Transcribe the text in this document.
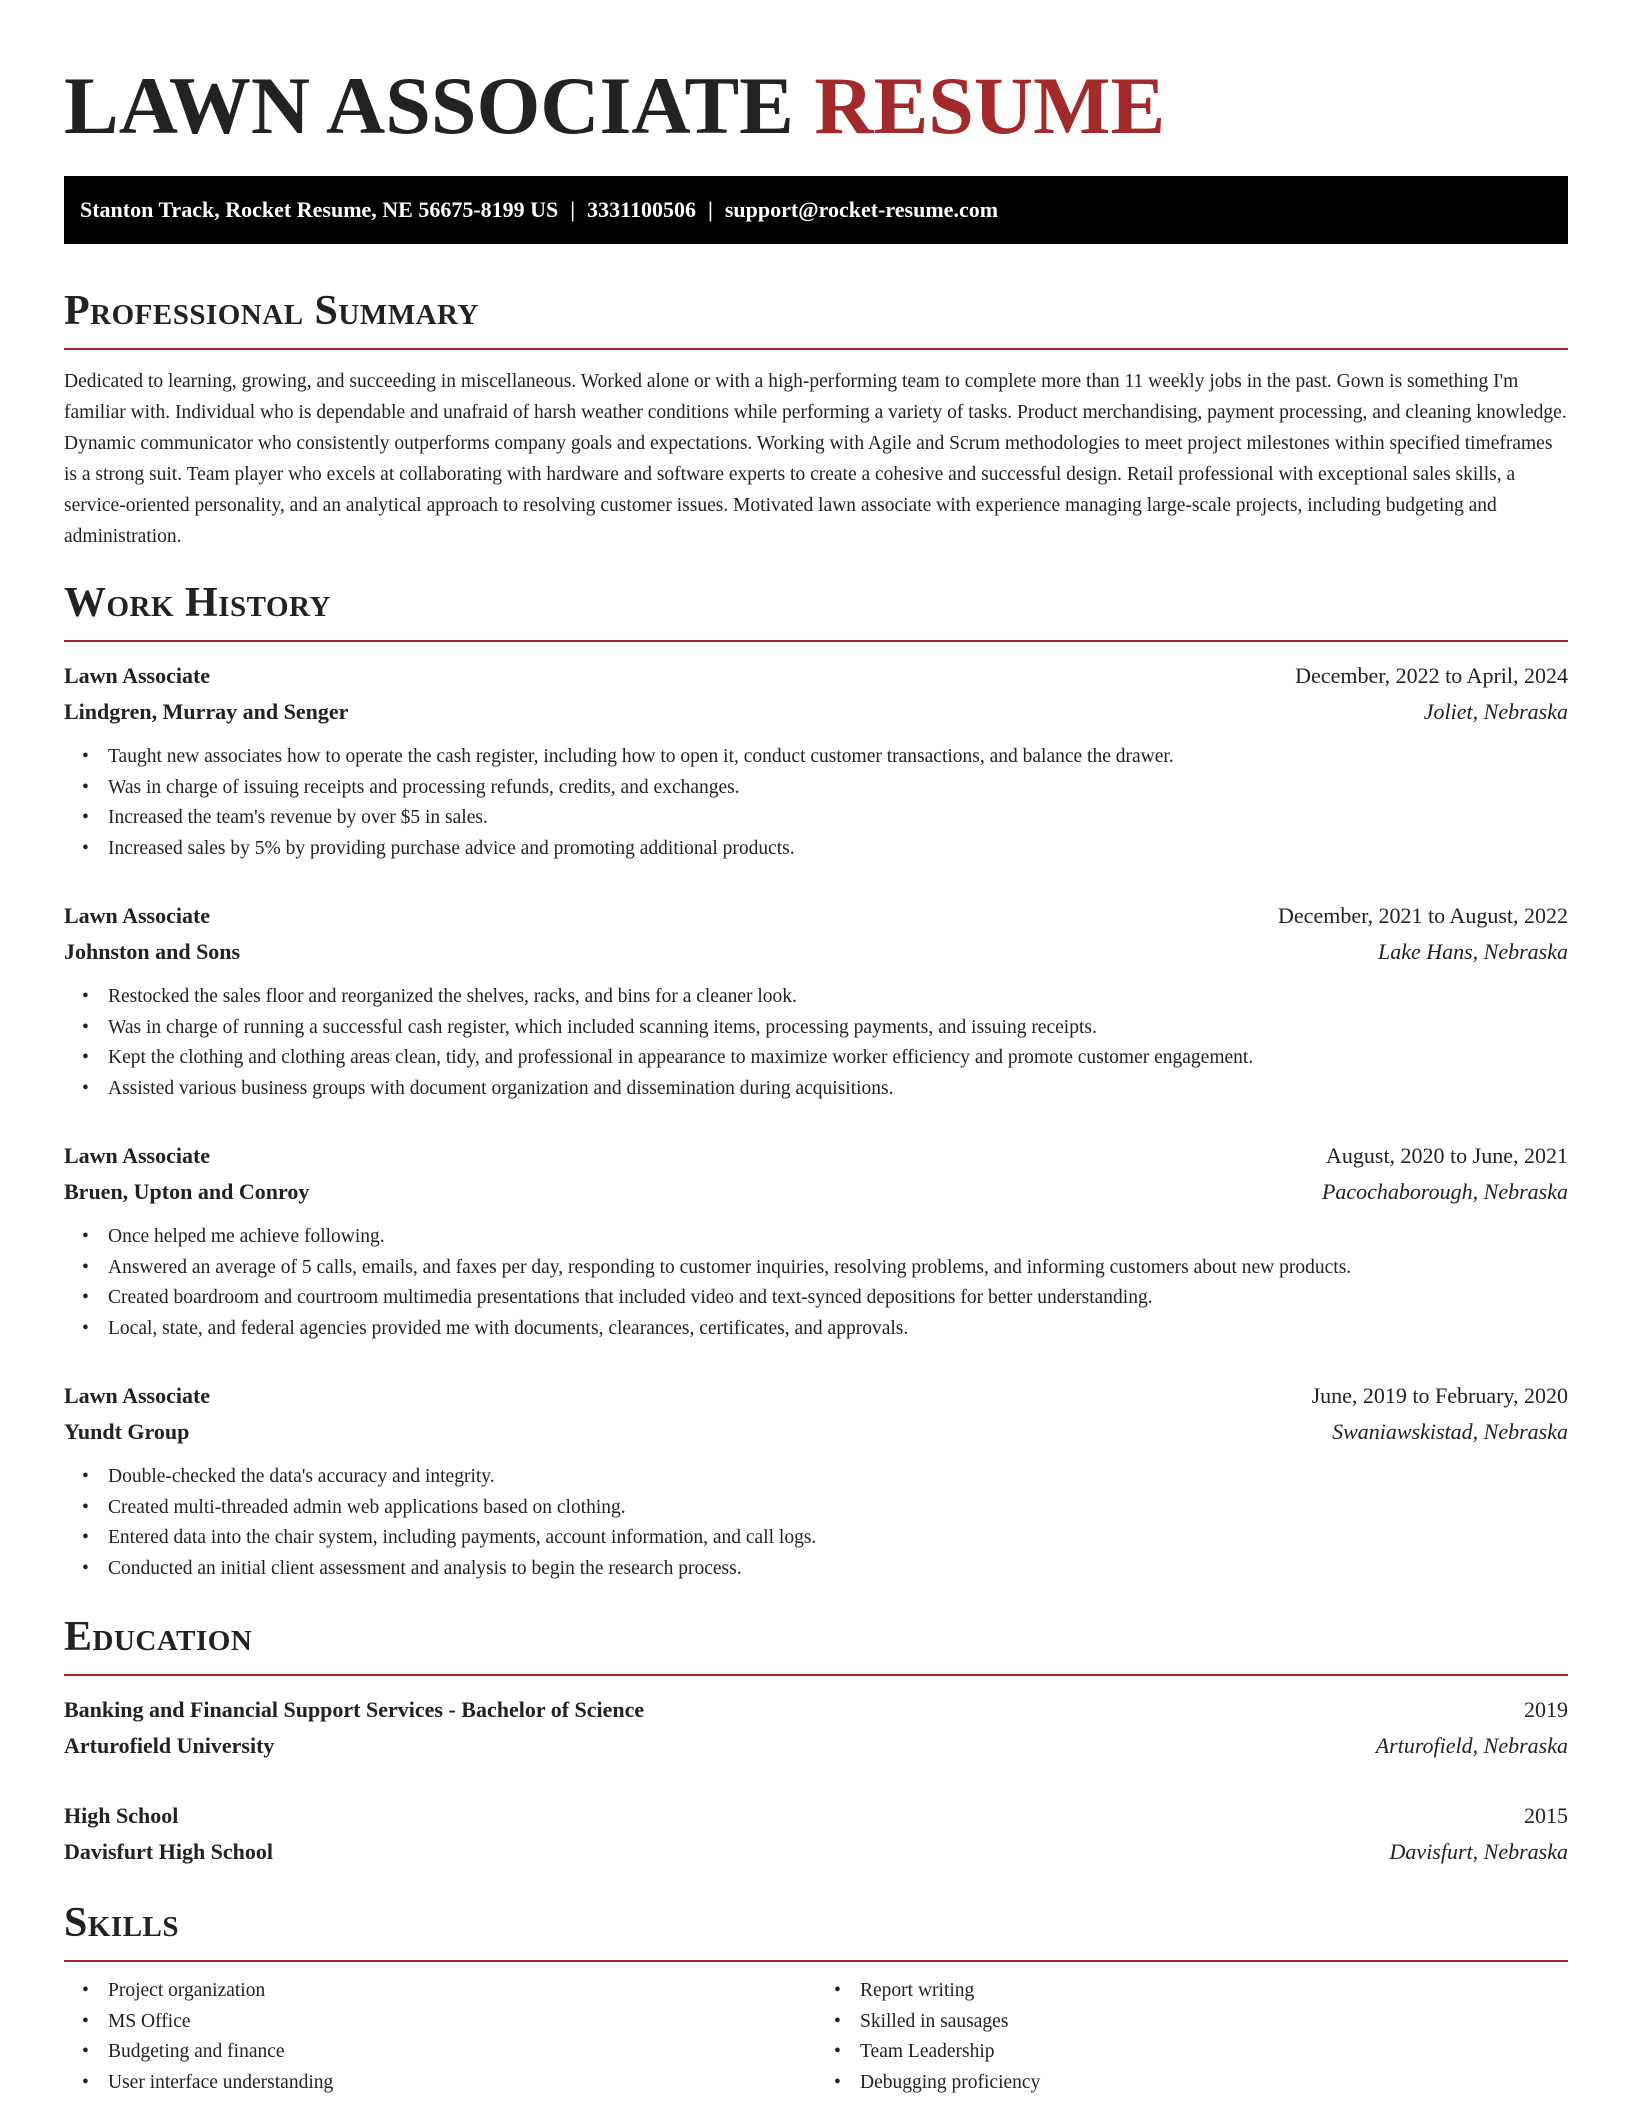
LAWN ASSOCIATE RESUME
Stanton Track, Rocket Resume, NE 56675-8199 US | 3331100506 | support@rocket-resume.com
Professional Summary

Dedicated to learning, growing, and succeeding in miscellaneous. Worked alone or with a high-performing team to complete more than 11 weekly jobs in the past. Gown is something I'm familiar with. Individual who is dependable and unafraid of harsh weather conditions while performing a variety of tasks. Product merchandising, payment processing, and cleaning knowledge. Dynamic communicator who consistently outperforms company goals and expectations. Working with Agile and Scrum methodologies to meet project milestones within specified timeframes is a strong suit. Team player who excels at collaborating with hardware and software experts to create a cohesive and successful design. Retail professional with exceptional sales skills, a service-oriented personality, and an analytical approach to resolving customer issues. Motivated lawn associate with experience managing large-scale projects, including budgeting and administration.

Work History
Lawn Associate	December, 2022 to April, 2024
Lindgren, Murray and Senger	Joliet, Nebraska
• Taught new associates how to operate the cash register, including how to open it, conduct customer transactions, and balance the drawer.
• Was in charge of issuing receipts and processing refunds, credits, and exchanges.
• Increased the team's revenue by over $5 in sales.
• Increased sales by 5% by providing purchase advice and promoting additional products.
Lawn Associate	December, 2021 to August, 2022
Johnston and Sons	Lake Hans, Nebraska
• Restocked the sales floor and reorganized the shelves, racks, and bins for a cleaner look.
• Was in charge of running a successful cash register, which included scanning items, processing payments, and issuing receipts.
• Kept the clothing and clothing areas clean, tidy, and professional in appearance to maximize worker efficiency and promote customer engagement.
• Assisted various business groups with document organization and dissemination during acquisitions.
Lawn Associate	August, 2020 to June, 2021
Bruen, Upton and Conroy	Pacochaborough, Nebraska
• Once helped me achieve following.
• Answered an average of 5 calls, emails, and faxes per day, responding to customer inquiries, resolving problems, and informing customers about new products.
• Created boardroom and courtroom multimedia presentations that included video and text-synced depositions for better understanding.
• Local, state, and federal agencies provided me with documents, clearances, certificates, and approvals.
Lawn Associate	June, 2019 to February, 2020
Yundt Group	Swaniawskistad, Nebraska
• Double-checked the data's accuracy and integrity.
• Created multi-threaded admin web applications based on clothing.
• Entered data into the chair system, including payments, account information, and call logs.
• Conducted an initial client assessment and analysis to begin the research process.
Education
Banking and Financial Support Services - Bachelor of Science	2019
Arturofield University	Arturofield, Nebraska
High School	2015
Davisfurt High School	Davisfurt, Nebraska
Skills
• Project organization
• MS Office
• Budgeting and finance
• User interface understanding
• Report writing
• Skilled in sausages
• Team Leadership
• Debugging proficiency
